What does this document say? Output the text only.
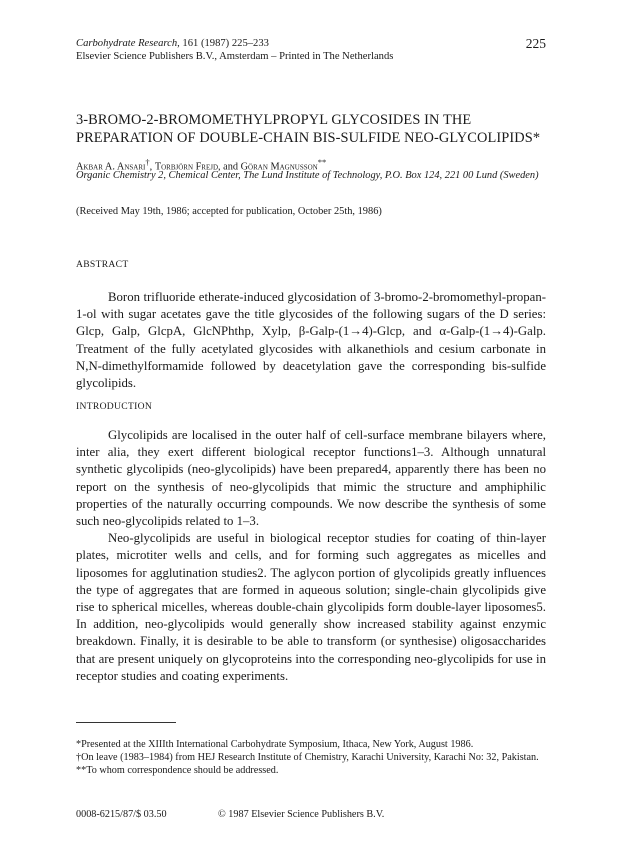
Carbohydrate Research, 161 (1987) 225–233
Elsevier Science Publishers B.V., Amsterdam – Printed in The Netherlands
225
3-BROMO-2-BROMOMETHYLPROPYL GLYCOSIDES IN THE PREPARATION OF DOUBLE-CHAIN BIS-SULFIDE NEO-GLYCOLIPIDS*
Akbar A. Ansari†, Torbjörn Frejd, and Göran Magnusson**
Organic Chemistry 2, Chemical Center, The Lund Institute of Technology, P.O. Box 124, 221 00 Lund (Sweden)
(Received May 19th, 1986; accepted for publication, October 25th, 1986)
ABSTRACT

Boron trifluoride etherate-induced glycosidation of 3-bromo-2-bromomethyl-propan-1-ol with sugar acetates gave the title glycosides of the following sugars of the D series: Glcp, Galp, GlcpA, GlcNPhthp, Xylp, β-Galp-(1→4)-Glcp, and α-Galp-(1→4)-Galp. Treatment of the fully acetylated glycosides with alkanethiols and cesium carbonate in N,N-dimethylformamide followed by deacetylation gave the corresponding bis-sulfide glycolipids.

INTRODUCTION

Glycolipids are localised in the outer half of cell-surface membrane bilayers where, inter alia, they exert different biological receptor functions1–3. Although unnatural synthetic glycolipids (neo-glycolipids) have been prepared4, apparently there has been no report on the synthesis of neo-glycolipids that mimic the structure and amphiphilic properties of the naturally occurring compounds. We now describe the synthesis of some such neo-glycolipids related to 1–3.

Neo-glycolipids are useful in biological receptor studies for coating of thin-layer plates, microtiter wells and cells, and for forming such aggregates as micelles and liposomes for agglutination studies2. The aglycon portion of glycolipids greatly influences the type of aggregates that are formed in aqueous solution; single-chain glycolipids give rise to spherical micelles, whereas double-chain glycolipids form double-layer liposomes5. In addition, neo-glycolipids would generally show increased stability against enzymic breakdown. Finally, it is desirable to be able to transform (or synthesise) oligosaccharides that are present uniquely on glycoproteins into the corresponding neo-glycolipids for use in receptor studies and coating experiments.

*Presented at the XIIIth International Carbohydrate Symposium, Ithaca, New York, August 1986.
†On leave (1983–1984) from HEJ Research Institute of Chemistry, Karachi University, Karachi No: 32, Pakistan.
**To whom correspondence should be addressed.
0008-6215/87/$ 03.50	© 1987 Elsevier Science Publishers B.V.
